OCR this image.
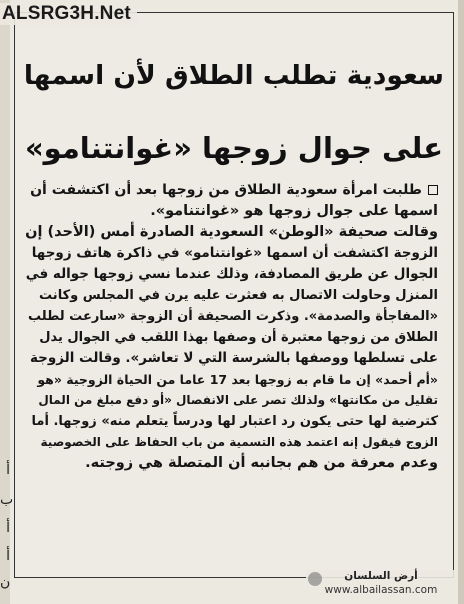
أ
ب
أ
أ
ن
ALSRG3H.Net
سعودية تطلب الطلاق لأن اسمها
على جوال زوجها «غوانتنامو»
طلبت امرأة سعودية الطلاق من زوجها بعد أن اكتشفت أن
اسمها على جوال زوجها هو «غوانتنامو».
وقالت صحيفة «الوطن» السعودية الصادرة أمس (الأحد) إن
الزوجة اكتشفت أن اسمها «غوانتنامو» في ذاكرة هاتف زوجها
الجوال عن طريق المصادفة، وذلك عندما نسي زوجها جواله في
المنزل وحاولت الاتصال به فعثرت عليه يرن في المجلس وكانت
«المفاجأة والصدمة». وذكرت الصحيفة أن الزوجة «سارعت لطلب
الطلاق من زوجها معتبرة أن وصفها بهذا اللقب في الجوال يدل
على تسلطها ووصفها بالشرسة التي لا تعاشر». وقالت الزوجة
«أم أحمد» إن ما قام به زوجها بعد 17 عاما من الحياة الزوجية «هو
تقليل من مكانتها» ولذلك تصر على الانفصال «أو دفع مبلغ من المال
كترضية لها حتى يكون رد اعتبار لها ودرساً يتعلم منه» زوجها. أما
الزوج فيقول إنه اعتمد هذه التسمية من باب الحفاظ على الخصوصية
وعدم معرفة من هم بجانبه أن المتصلة هي زوجته.
أرض السلسان
www.albailassan.com
